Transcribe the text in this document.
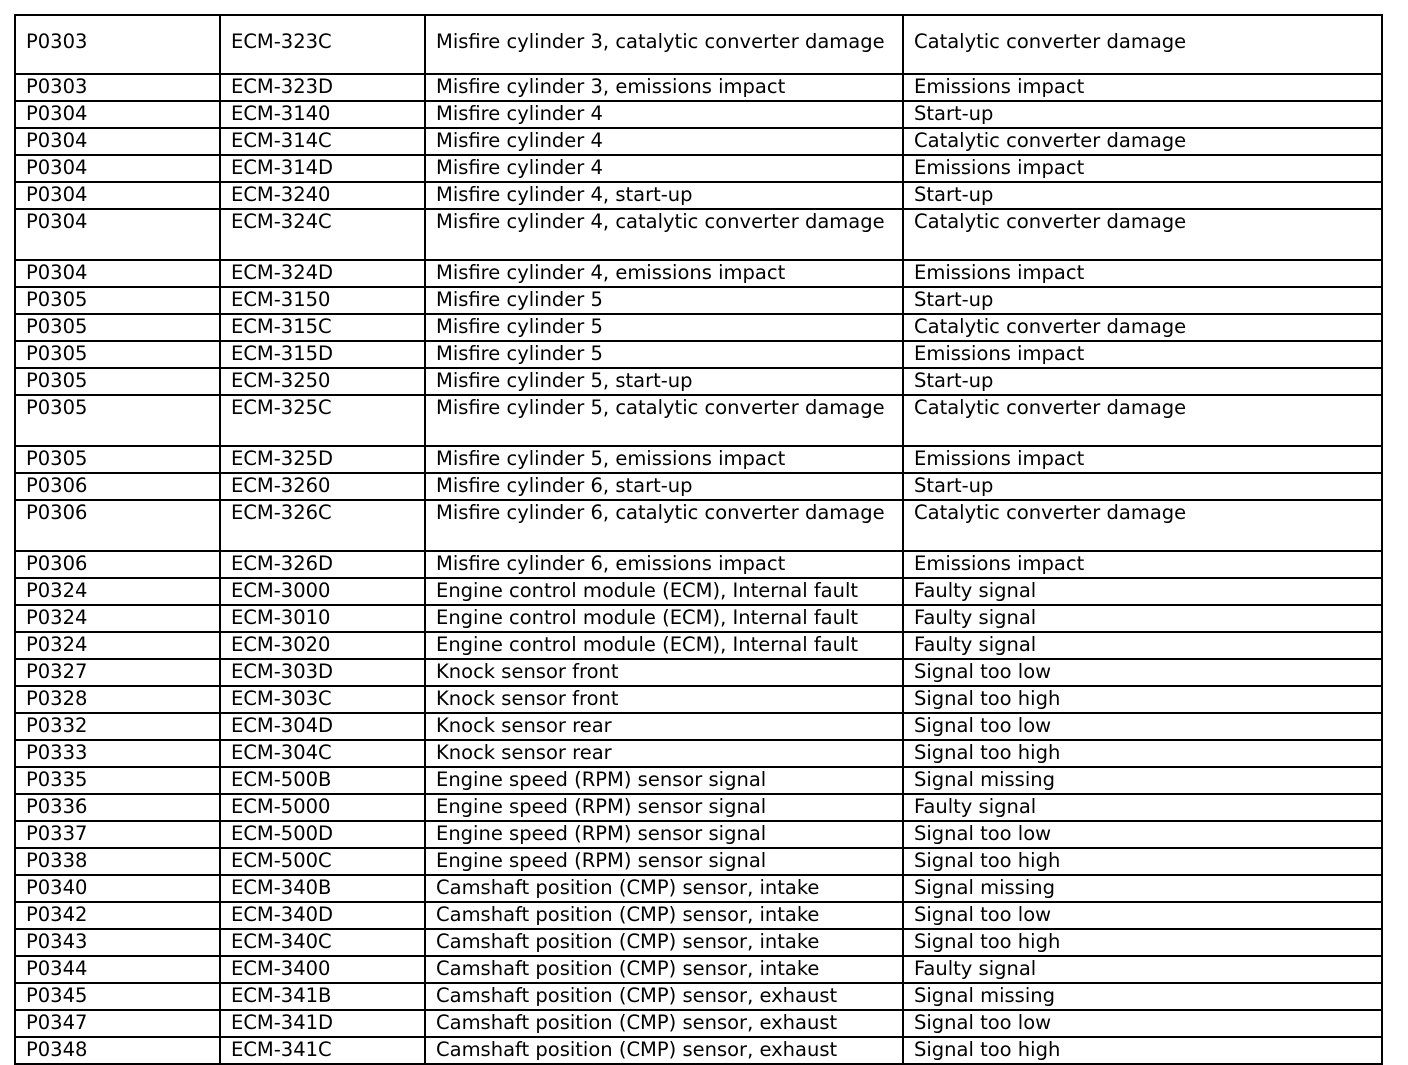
P0303	ECM-323C	Misfire cylinder 3, catalytic converter damage	Catalytic converter damage
P0303	ECM-323D	Misfire cylinder 3, emissions impact	Emissions impact
P0304	ECM-3140	Misfire cylinder 4	Start-up
P0304	ECM-314C	Misfire cylinder 4	Catalytic converter damage
P0304	ECM-314D	Misfire cylinder 4	Emissions impact
P0304	ECM-3240	Misfire cylinder 4, start-up	Start-up
P0304	ECM-324C	Misfire cylinder 4, catalytic converter damage	Catalytic converter damage
P0304	ECM-324D	Misfire cylinder 4, emissions impact	Emissions impact
P0305	ECM-3150	Misfire cylinder 5	Start-up
P0305	ECM-315C	Misfire cylinder 5	Catalytic converter damage
P0305	ECM-315D	Misfire cylinder 5	Emissions impact
P0305	ECM-3250	Misfire cylinder 5, start-up	Start-up
P0305	ECM-325C	Misfire cylinder 5, catalytic converter damage	Catalytic converter damage
P0305	ECM-325D	Misfire cylinder 5, emissions impact	Emissions impact
P0306	ECM-3260	Misfire cylinder 6, start-up	Start-up
P0306	ECM-326C	Misfire cylinder 6, catalytic converter damage	Catalytic converter damage
P0306	ECM-326D	Misfire cylinder 6, emissions impact	Emissions impact
P0324	ECM-3000	Engine control module (ECM), Internal fault	Faulty signal
P0324	ECM-3010	Engine control module (ECM), Internal fault	Faulty signal
P0324	ECM-3020	Engine control module (ECM), Internal fault	Faulty signal
P0327	ECM-303D	Knock sensor front	Signal too low
P0328	ECM-303C	Knock sensor front	Signal too high
P0332	ECM-304D	Knock sensor rear	Signal too low
P0333	ECM-304C	Knock sensor rear	Signal too high
P0335	ECM-500B	Engine speed (RPM) sensor signal	Signal missing
P0336	ECM-5000	Engine speed (RPM) sensor signal	Faulty signal
P0337	ECM-500D	Engine speed (RPM) sensor signal	Signal too low
P0338	ECM-500C	Engine speed (RPM) sensor signal	Signal too high
P0340	ECM-340B	Camshaft position (CMP) sensor, intake	Signal missing
P0342	ECM-340D	Camshaft position (CMP) sensor, intake	Signal too low
P0343	ECM-340C	Camshaft position (CMP) sensor, intake	Signal too high
P0344	ECM-3400	Camshaft position (CMP) sensor, intake	Faulty signal
P0345	ECM-341B	Camshaft position (CMP) sensor, exhaust	Signal missing
P0347	ECM-341D	Camshaft position (CMP) sensor, exhaust	Signal too low
P0348	ECM-341C	Camshaft position (CMP) sensor, exhaust	Signal too high
